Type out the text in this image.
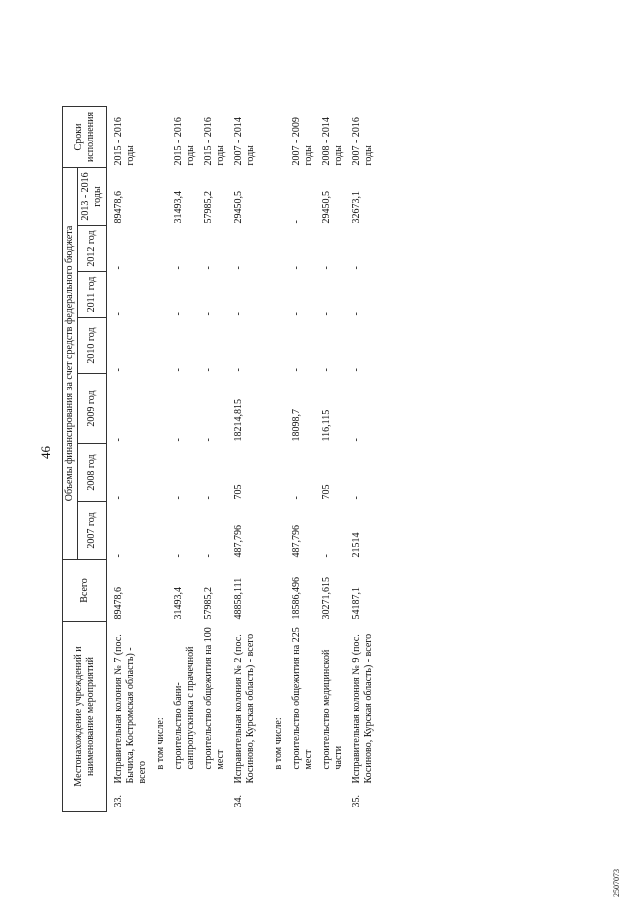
46
Местонахождение учреждений и наименование мероприятий		Всего	Объемы финансирования за счет средств федерального бюджета							Сроки исполнения
			2007 год	2008 год	2009 год	2010 год	2011 год	2012 год	2013 - 2016 годы	
33.	Исправительная колония № 7 (пос. Бычиха, Костромская область) - всего	89478,6	-	-	-	-	-	-	89478,6	2015 - 2016 годы
	в том числе:									
	строительство бани-санпропускника с прачечной	31493,4	-	-	-	-	-	-	31493,4	2015 - 2016 годы
	строительство общежития на 100 мест	57985,2	-	-	-	-	-	-	57985,2	2015 - 2016 годы
34.	Исправительная колония № 2 (пос. Косиново, Курская область) - всего	48858,111	487,796	705	18214,815	-	-	-	29450,5	2007 - 2014 годы
	в том числе:									
	строительство общежития на 225 мест	18586,496	487,796	-	18098,7	-	-	-	-	2007 - 2009 годы
	строительство медицинской части	30271,615	-	705	116,115	-	-	-	29450,5	2008 - 2014 годы
35.	Исправительная колония № 9 (пос. Косиново, Курская область) - всего	54187,1	21514	-	-	-	-	-	32673,1	2007 - 2016 годы
2507073
